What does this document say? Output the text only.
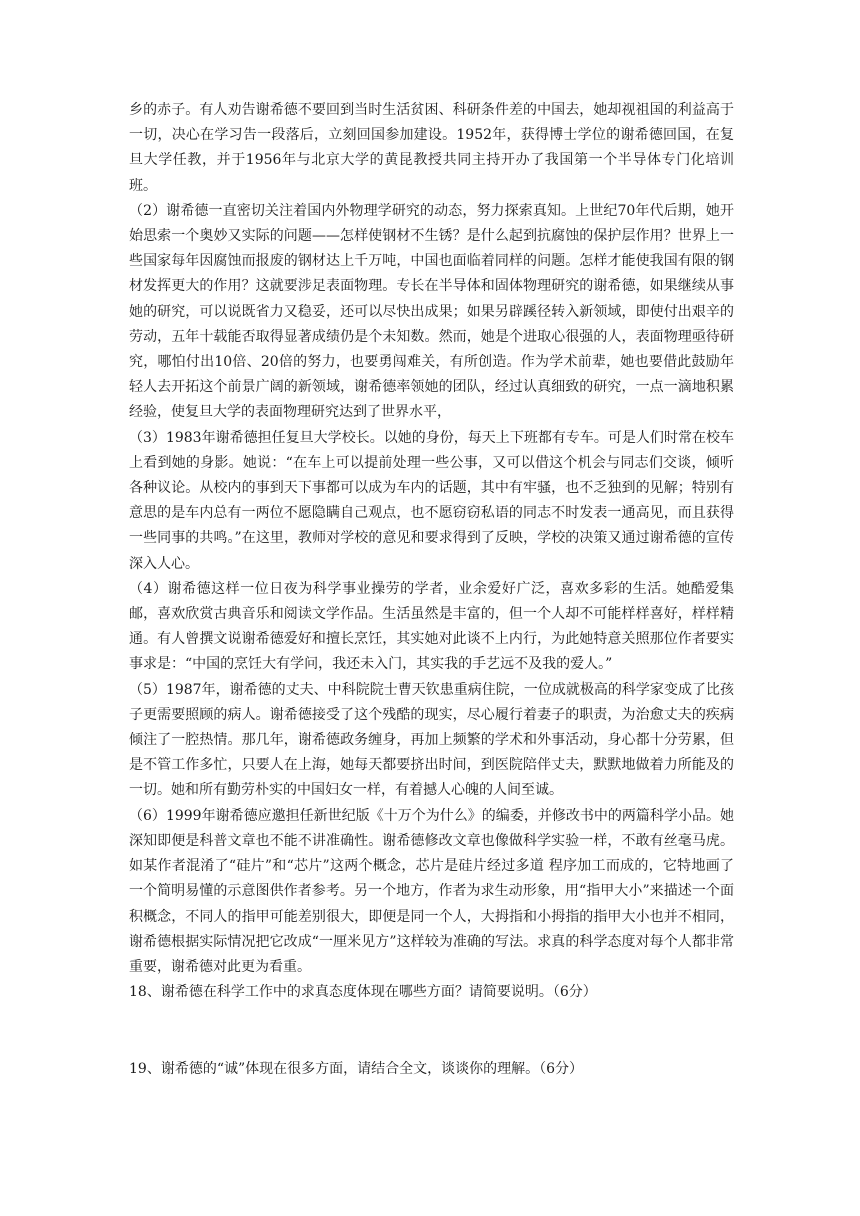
乡的赤子。有人劝告谢希德不要回到当时生活贫困、科研条件差的中国去，她却视祖国的利益高于一切，决心在学习告一段落后，立刻回国参加建设。1952年，获得博士学位的谢希德回国，在复旦大学任教，并于1956年与北京大学的黄昆教授共同主持开办了我国第一个半导体专门化培训班。

（2）谢希德一直密切关注着国内外物理学研究的动态，努力探索真知。上世纪70年代后期，她开始思索一个奥妙又实际的问题——怎样使钢材不生锈？是什么起到抗腐蚀的保护层作用？世界上一些国家每年因腐蚀而报废的钢材达上千万吨，中国也面临着同样的问题。怎样才能使我国有限的钢材发挥更大的作用？这就要涉足表面物理。专长在半导体和固体物理研究的谢希德，如果继续从事她的研究，可以说既省力又稳妥，还可以尽快出成果；如果另辟蹊径转入新领域，即使付出艰辛的劳动，五年十载能否取得显著成绩仍是个未知数。然而，她是个进取心很强的人，表面物理亟待研究，哪怕付出10倍、20倍的努力，也要勇闯难关，有所创造。作为学术前辈，她也要借此鼓励年轻人去开拓这个前景广阔的新领域，谢希德率领她的团队，经过认真细致的研究，一点一滴地积累经验，使复旦大学的表面物理研究达到了世界水平，

（3）1983年谢希德担任复旦大学校长。以她的身份，每天上下班都有专车。可是人们时常在校车上看到她的身影。她说：“在车上可以提前处理一些公事，又可以借这个机会与同志们交谈，倾听各种议论。从校内的事到天下事都可以成为车内的话题，其中有牢骚，也不乏独到的见解；特别有意思的是车内总有一两位不愿隐瞒自己观点，也不愿窃窃私语的同志不时发表一通高见，而且获得一些同事的共鸣。”在这里，教师对学校的意见和要求得到了反映，学校的决策又通过谢希德的宣传深入人心。

（4）谢希德这样一位日夜为科学事业操劳的学者，业余爱好广泛，喜欢多彩的生活。她酷爱集邮，喜欢欣赏古典音乐和阅读文学作品。生活虽然是丰富的，但一个人却不可能样样喜好，样样精通。有人曾撰文说谢希德爱好和擅长烹饪，其实她对此谈不上内行，为此她特意关照那位作者要实事求是：“中国的烹饪大有学问，我还未入门，其实我的手艺远不及我的爱人。”

（5）1987年，谢希德的丈夫、中科院院士曹天钦患重病住院，一位成就极高的科学家变成了比孩子更需要照顾的病人。谢希德接受了这个残酷的现实，尽心履行着妻子的职责，为治愈丈夫的疾病倾注了一腔热情。那几年，谢希德政务缠身，再加上频繁的学术和外事活动，身心都十分劳累，但是不管工作多忙，只要人在上海，她每天都要挤出时间，到医院陪伴丈夫，默默地做着力所能及的一切。她和所有勤劳朴实的中国妇女一样，有着撼人心魄的人间至诚。

（6）1999年谢希德应邀担任新世纪版《十万个为什么》的编委，并修改书中的两篇科学小品。她深知即便是科普文章也不能不讲准确性。谢希德修改文章也像做科学实验一样，不敢有丝毫马虎。如某作者混淆了“硅片”和“芯片”这两个概念，芯片是硅片经过多道 程序加工而成的，它特地画了一个简明易懂的示意图供作者参考。另一个地方，作者为求生动形象，用“指甲大小”来描述一个面积概念，不同人的指甲可能差别很大，即便是同一个人，大拇指和小拇指的指甲大小也并不相同，谢希德根据实际情况把它改成“一厘米见方”这样较为准确的写法。求真的科学态度对每个人都非常重要，谢希德对此更为看重。

18、谢希德在科学工作中的求真态度体现在哪些方面？请简要说明。（6分）

19、谢希德的“诚”体现在很多方面，请结合全文，谈谈你的理解。（6分）
